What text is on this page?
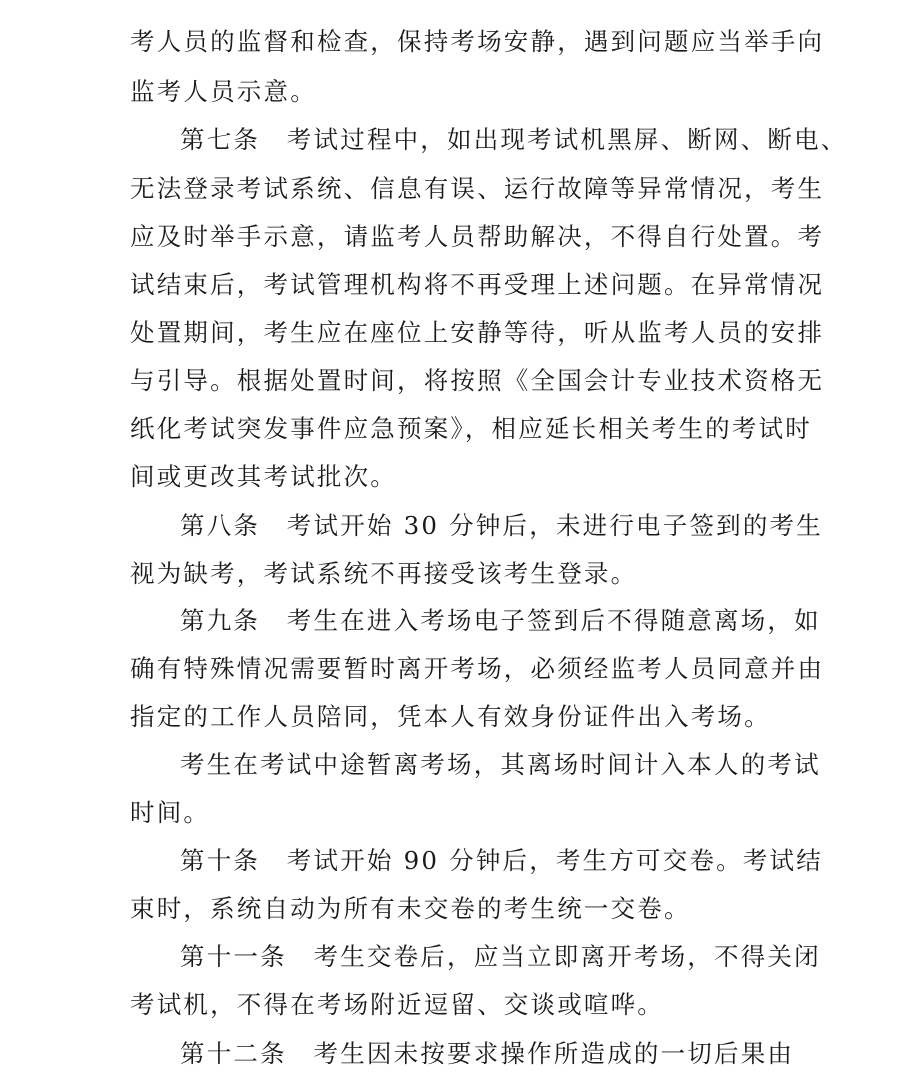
考人员的监督和检查，保持考场安静，遇到问题应当举手向
监考人员示意。
第七条　考试过程中，如出现考试机黑屏、断网、断电、
无法登录考试系统、信息有误、运行故障等异常情况，考生
应及时举手示意，请监考人员帮助解决，不得自行处置。考
试结束后，考试管理机构将不再受理上述问题。在异常情况
处置期间，考生应在座位上安静等待，听从监考人员的安排
与引导。根据处置时间，将按照《全国会计专业技术资格无
纸化考试突发事件应急预案》，相应延长相关考生的考试时
间或更改其考试批次。
第八条　考试开始 30 分钟后，未进行电子签到的考生
视为缺考，考试系统不再接受该考生登录。
第九条　考生在进入考场电子签到后不得随意离场，如
确有特殊情况需要暂时离开考场，必须经监考人员同意并由
指定的工作人员陪同，凭本人有效身份证件出入考场。
考生在考试中途暂离考场，其离场时间计入本人的考试
时间。
第十条　考试开始 90 分钟后，考生方可交卷。考试结
束时，系统自动为所有未交卷的考生统一交卷。
第十一条　考生交卷后，应当立即离开考场，不得关闭
考试机，不得在考场附近逗留、交谈或喧哗。
第十二条　考生因未按要求操作所造成的一切后果由
